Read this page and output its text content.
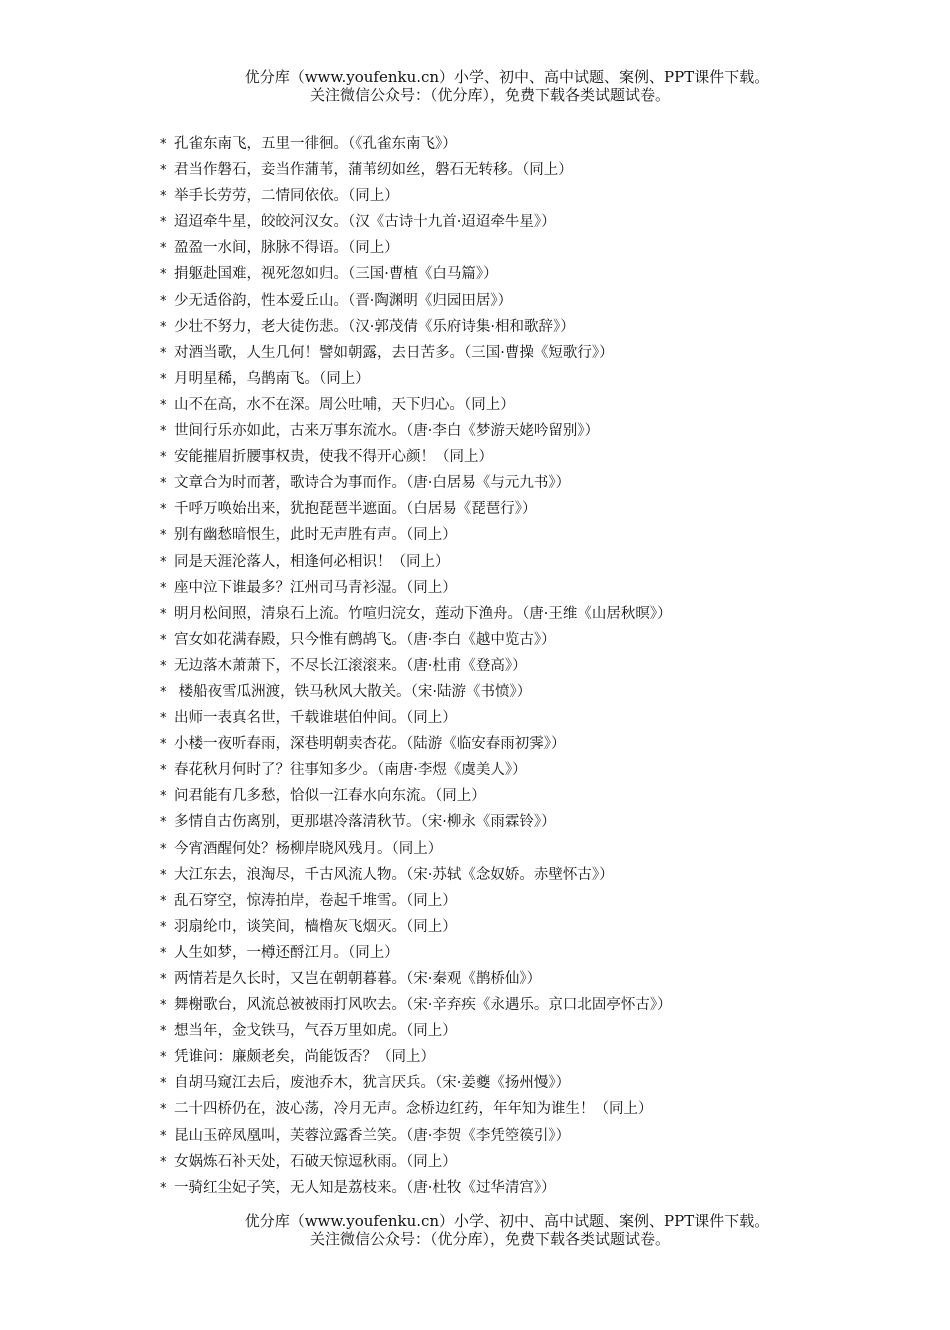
优分库（www.youfenku.cn）小学、初中、高中试题、案例、PPT课件下载。
关注微信公众号：（优分库），免费下载各类试题试卷。
* 孔雀东南飞，五里一徘徊。（《孔雀东南飞》）
* 君当作磐石，妾当作蒲苇，蒲苇纫如丝，磐石无转移。（同上）
* 举手长劳劳，二情同依依。（同上）
* 迢迢牵牛星，皎皎河汉女。（汉《古诗十九首·迢迢牵牛星》）
* 盈盈一水间，脉脉不得语。（同上）
* 捐躯赴国难，视死忽如归。（三国·曹植《白马篇》）
* 少无适俗韵，性本爱丘山。（晋·陶渊明《归园田居》）
* 少壮不努力，老大徒伤悲。（汉·郭茂倩《乐府诗集·相和歌辞》）
* 对酒当歌，人生几何！譬如朝露，去日苦多。（三国·曹操《短歌行》）
* 月明星稀，乌鹊南飞。（同上）
* 山不在高，水不在深。周公吐哺，天下归心。（同上）
* 世间行乐亦如此，古来万事东流水。（唐·李白《梦游天姥吟留别》）
* 安能摧眉折腰事权贵，使我不得开心颜！（同上）
* 文章合为时而著，歌诗合为事而作。（唐·白居易《与元九书》）
* 千呼万唤始出来，犹抱琵琶半遮面。（白居易《琵琶行》）
* 别有幽愁暗恨生，此时无声胜有声。（同上）
* 同是天涯沦落人，相逢何必相识！（同上）
* 座中泣下谁最多？江州司马青衫湿。（同上）
* 明月松间照，清泉石上流。竹喧归浣女，莲动下渔舟。（唐·王维《山居秋暝》）
* 宫女如花满春殿，只今惟有鹧鸪飞。（唐·李白《越中览古》）
* 无边落木萧萧下，不尽长江滚滚来。（唐·杜甫《登高》）
* 楼船夜雪瓜洲渡，铁马秋风大散关。（宋·陆游《书愤》）
* 出师一表真名世，千载谁堪伯仲间。（同上）
* 小楼一夜听春雨，深巷明朝卖杏花。（陆游《临安春雨初霁》）
* 春花秋月何时了？往事知多少。（南唐·李煜《虞美人》）
* 问君能有几多愁，恰似一江春水向东流。（同上）
* 多情自古伤离别，更那堪冷落清秋节。（宋·柳永《雨霖铃》）
* 今宵酒醒何处？杨柳岸晓风残月。（同上）
* 大江东去，浪淘尽，千古风流人物。（宋·苏轼《念奴娇。赤壁怀古》）
* 乱石穿空，惊涛拍岸，卷起千堆雪。（同上）
* 羽扇纶巾，谈笑间，樯橹灰飞烟灭。（同上）
* 人生如梦，一樽还酹江月。（同上）
* 两情若是久长时，又岂在朝朝暮暮。（宋·秦观《鹊桥仙》）
* 舞榭歌台，风流总被被雨打风吹去。（宋·辛弃疾《永遇乐。京口北固亭怀古》）
* 想当年，金戈铁马，气吞万里如虎。（同上）
* 凭谁问：廉颇老矣，尚能饭否？（同上）
* 自胡马窥江去后，废池乔木，犹言厌兵。（宋·姜夔《扬州慢》）
* 二十四桥仍在，波心荡，冷月无声。念桥边红药，年年知为谁生！（同上）
* 昆山玉碎凤凰叫，芙蓉泣露香兰笑。（唐·李贺《李凭箜篌引》）
* 女娲炼石补天处，石破天惊逗秋雨。（同上）
* 一骑红尘妃子笑，无人知是荔枝来。（唐·杜牧《过华清宫》）
优分库（www.youfenku.cn）小学、初中、高中试题、案例、PPT课件下载。
关注微信公众号：（优分库），免费下载各类试题试卷。
